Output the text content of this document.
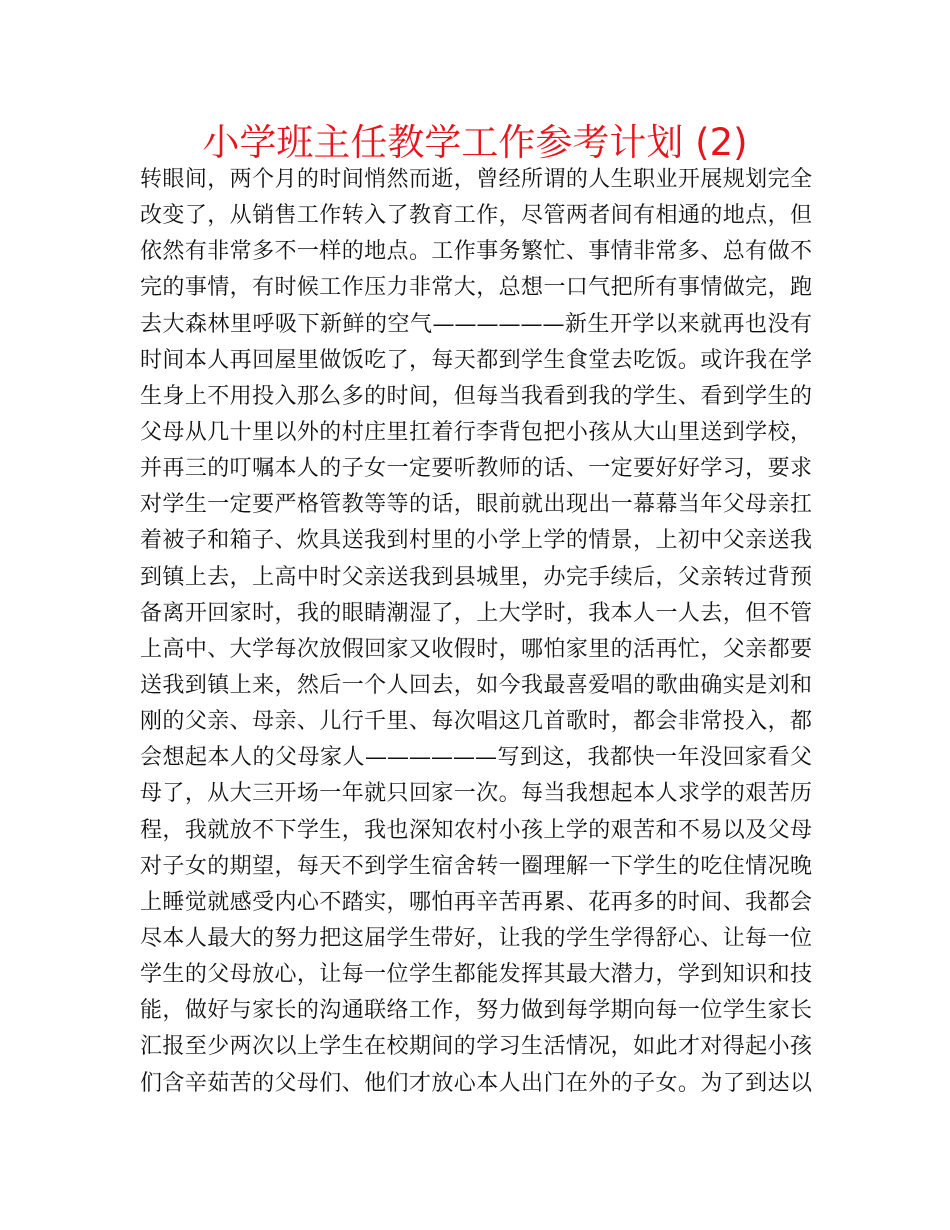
小学班主任教学工作参考计划 (2)
转眼间，两个月的时间悄然而逝，曾经所谓的人生职业开展规划完全
改变了，从销售工作转入了教育工作，尽管两者间有相通的地点，但
依然有非常多不一样的地点。工作事务繁忙、事情非常多、总有做不
完的事情，有时候工作压力非常大，总想一口气把所有事情做完，跑
去大森林里呼吸下新鲜的空气——————新生开学以来就再也没有
时间本人再回屋里做饭吃了，每天都到学生食堂去吃饭。或许我在学
生身上不用投入那么多的时间，但每当我看到我的学生、看到学生的
父母从几十里以外的村庄里扛着行李背包把小孩从大山里送到学校，
并再三的叮嘱本人的子女一定要听教师的话、一定要好好学习，要求
对学生一定要严格管教等等的话，眼前就出现出一幕幕当年父母亲扛
着被子和箱子、炊具送我到村里的小学上学的情景，上初中父亲送我
到镇上去，上高中时父亲送我到县城里，办完手续后，父亲转过背预
备离开回家时，我的眼睛潮湿了，上大学时，我本人一人去，但不管
上高中、大学每次放假回家又收假时，哪怕家里的活再忙，父亲都要
送我到镇上来，然后一个人回去，如今我最喜爱唱的歌曲确实是刘和
刚的父亲、母亲、儿行千里、每次唱这几首歌时，都会非常投入，都
会想起本人的父母家人——————写到这，我都快一年没回家看父
母了，从大三开场一年就只回家一次。每当我想起本人求学的艰苦历
程，我就放不下学生，我也深知农村小孩上学的艰苦和不易以及父母
对子女的期望，每天不到学生宿舍转一圈理解一下学生的吃住情况晚
上睡觉就感受内心不踏实，哪怕再辛苦再累、花再多的时间、我都会
尽本人最大的努力把这届学生带好，让我的学生学得舒心、让每一位
学生的父母放心，让每一位学生都能发挥其最大潜力，学到知识和技
能，做好与家长的沟通联络工作，努力做到每学期向每一位学生家长
汇报至少两次以上学生在校期间的学习生活情况，如此才对得起小孩
们含辛茹苦的父母们、他们才放心本人出门在外的子女。为了到达以
